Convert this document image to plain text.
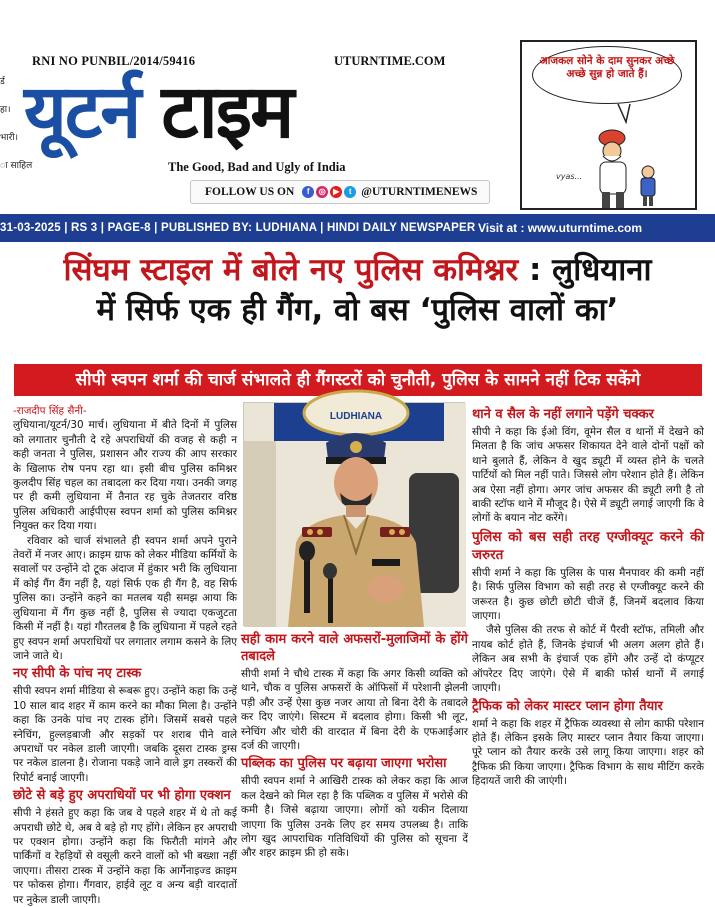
र्ड
हा।
भारी।
ा साहिल
RNI NO PUNBIL/2014/59416	UTURNTIME.COM
यूटर्न टाइम
The Good, Bad and Ugly of India
FOLLOW US ON	f	◎ ▶	t @UTURNTIMENEWS
आजकल सोने के दाम सुनकर अच्छे अच्छे सुन्न हो जाते हैं।
vyas...
31-03-2025 | RS 3 | PAGE-8 | PUBLISHED BY: LUDHIANA | HINDI DAILY NEWSPAPER Visit at : www.uturntime.com
सिंघम स्टाइल में बोले नए पुलिस कमिश्नर : लुधियाना
में सिर्फ एक ही गैंग, वो बस ‘पुलिस वालों का’
सीपी स्वपन शर्मा की चार्ज संभालते ही गैंगस्टरों को चुनौती, पुलिस के सामने नहीं टिक सकेंगे
LUDHIANA

-राजदीप सिंह सैनी-

लुधियाना/यूटर्न/30 मार्च। लुधियाना में बीते दिनों में पुलिस को लगातार चुनौती दे रहे अपराधियों की वजह से कही न कही जनता ने पुलिस, प्रशासन और राज्य की आप सरकार के खिलाफ रोष पनप रहा था। इसी बीच पुलिस कमिश्नर कुलदीप सिंह चहल का तबादला कर दिया गया। उनकी जगह पर ही कमी लुधियाना में तैनात रह चुके तेजतरार वरिष्ठ पुलिस अधिकारी आईपीएस स्वपन शर्मा को पुलिस कमिश्नर नियुक्त कर दिया गया।

रविवार को चार्ज संभालते ही स्वपन शर्मा अपने पुराने तेवरों में नजर आए। क्राइम ग्राफ को लेकर मीडिया कर्मियों के सवालों पर उन्होंने दो टूक अंदाज में हुंकार भरी कि लुधियाना में कोई गैंग वैंग नहीं है, यहां सिर्फ एक ही गैंग है, वह सिर्फ पुलिस का। उन्होंने कहने का मतलब यही समझ आया कि लुधियाना में गैंग कुछ नहीं है, पुलिस से ज्यादा एकजुटता किसी में नहीं है। यहां गौरतलब है कि लुधियाना में पहले रहते हुए स्वपन शर्मा अपराधियों पर लगातार लगाम कसने के लिए जाने जाते थे।

नए सीपी के पांच नए टास्क

सीपी स्वपन शर्मा मीडिया से रूबरू हुए। उन्होंने कहा कि उन्हें 10 साल बाद शहर में काम करने का मौका मिला है। उन्होंने कहा कि उनके पांच नए टास्क होंगे। जिसमें सबसे पहले स्नेचिंग, हुल्लड़बाजी और सड़कों पर शराब पीने वाले अपराधों पर नकेल डाली जाएगी। जबकि दूसरा टास्क ड्रग्स पर नकेल डालना है। रोजाना पकड़े जाने वाले ड्रग तस्करों की रिपोर्ट बनाई जाएगी।

छोटे से बड़े हुए अपराधियों पर भी होगा एक्शन

सीपी ने हंसते हुए कहा कि जब वे पहले शहर में थे तो कई अपराधी छोटे थे, अब वे बड़े हो गए होंगे। लेकिन हर अपराधी पर एक्शन होगा। उन्होंने कहा कि फिरौती मांगने और पार्किंगों व रेहड़ियों से वसूली करने वालों को भी बख्शा नहीं जाएगा। तीसरा टास्क में उन्होंने कहा कि आर्गेनाइज्ड क्राइम पर फोकस होगा। गैंगवार, हाईवे लूट व अन्य बड़ी वारदातों पर नुकेल डाली जाएगी।

सही काम करने वाले अफसरों-मुलाजिमों के होंगे तबादले

सीपी शर्मा ने चौथे टास्क में कहा कि अगर किसी व्यक्ति को थाने, चौक व पुलिस अफसरों के ऑफिसों में परेशानी झेलनी पड़ी और उन्हें ऐसा कुछ नजर आया तो बिना देरी के तबादले कर दिए जाएंगे। सिस्टम में बदलाव होगा। किसी भी लूट, स्नेचिंग और चोरी की वारदात में बिना देरी के एफआईआर दर्ज की जाएगी।

पब्लिक का पुलिस पर बढ़ाया जाएगा भरोसा

सीपी स्वपन शर्मा ने आखिरी टास्क को लेकर कहा कि आज कल देखने को मिल रहा है कि पब्लिक व पुलिस में भरोसे की कमी है। जिसे बढ़ाया जाएगा। लोगों को यकीन दिलाया जाएगा कि पुलिस उनके लिए हर समय उपलब्ध है। ताकि लोग खुद आपराधिक गतिविधियों की पुलिस को सूचना दें और शहर क्राइम फ्री हो सके।

थाने व सैल के नहीं लगाने पड़ेंगे चक्कर

सीपी ने कहा कि ईओ विंग, वूमेन सैल व थानों में देखने को मिलता है कि जांच अफसर शिकायत देने वाले दोनों पक्षों को थाने बुलाते हैं, लेकिन वे खुद ड्यूटी में व्यस्त होने के चलते पार्टियों को मिल नहीं पाते। जिससे लोग परेशान होते हैं। लेकिन अब ऐसा नहीं होगा। अगर जांच अफसर की ड्यूटी लगी है तो बाकी स्टॉफ थाने में मौजूद है। ऐसे में ड्यूटी लगाई जाएगी कि वे लोगों के बयान नोट करेंगे।

पुलिस को बस सही तरह एग्जीक्यूट करने की जरुरत

सीपी शर्मा ने कहा कि पुलिस के पास मैनपावर की कमी नहीं है। सिर्फ पुलिस विभाग को सही तरह से एग्जीक्यूट करने की जरूरत है। कुछ छोटी छोटी चीजें हैं, जिनमें बदलाव किया जाएगा।

जैसे पुलिस की तरफ से कोर्ट में पैरवी स्टॉफ, तमिली और नायब कोर्ट होते हैं, जिनके इंचार्ज भी अलग अलग होते हैं। लेकिन अब सभी के इंचार्ज एक होंगे और उन्हें दो कंप्यूटर ऑपरेटर दिए जाएंगे। ऐसे में बाकी फोर्स थानों में लगाई जाएगी।

ट्रैफिक को लेकर मास्टर प्लान होगा तैयार

शर्मा ने कहा कि शहर में ट्रैफिक व्यवस्था से लोग काफी परेशान होते हैं। लेकिन इसके लिए मास्टर प्लान तैयार किया जाएगा। पूरे प्लान को तैयार करके उसे लागू किया जाएगा। शहर को ट्रैफिक फ्री किया जाएगा। ट्रैफिक विभाग के साथ मीटिंग करके हिदायतें जारी की जाएंगी।
